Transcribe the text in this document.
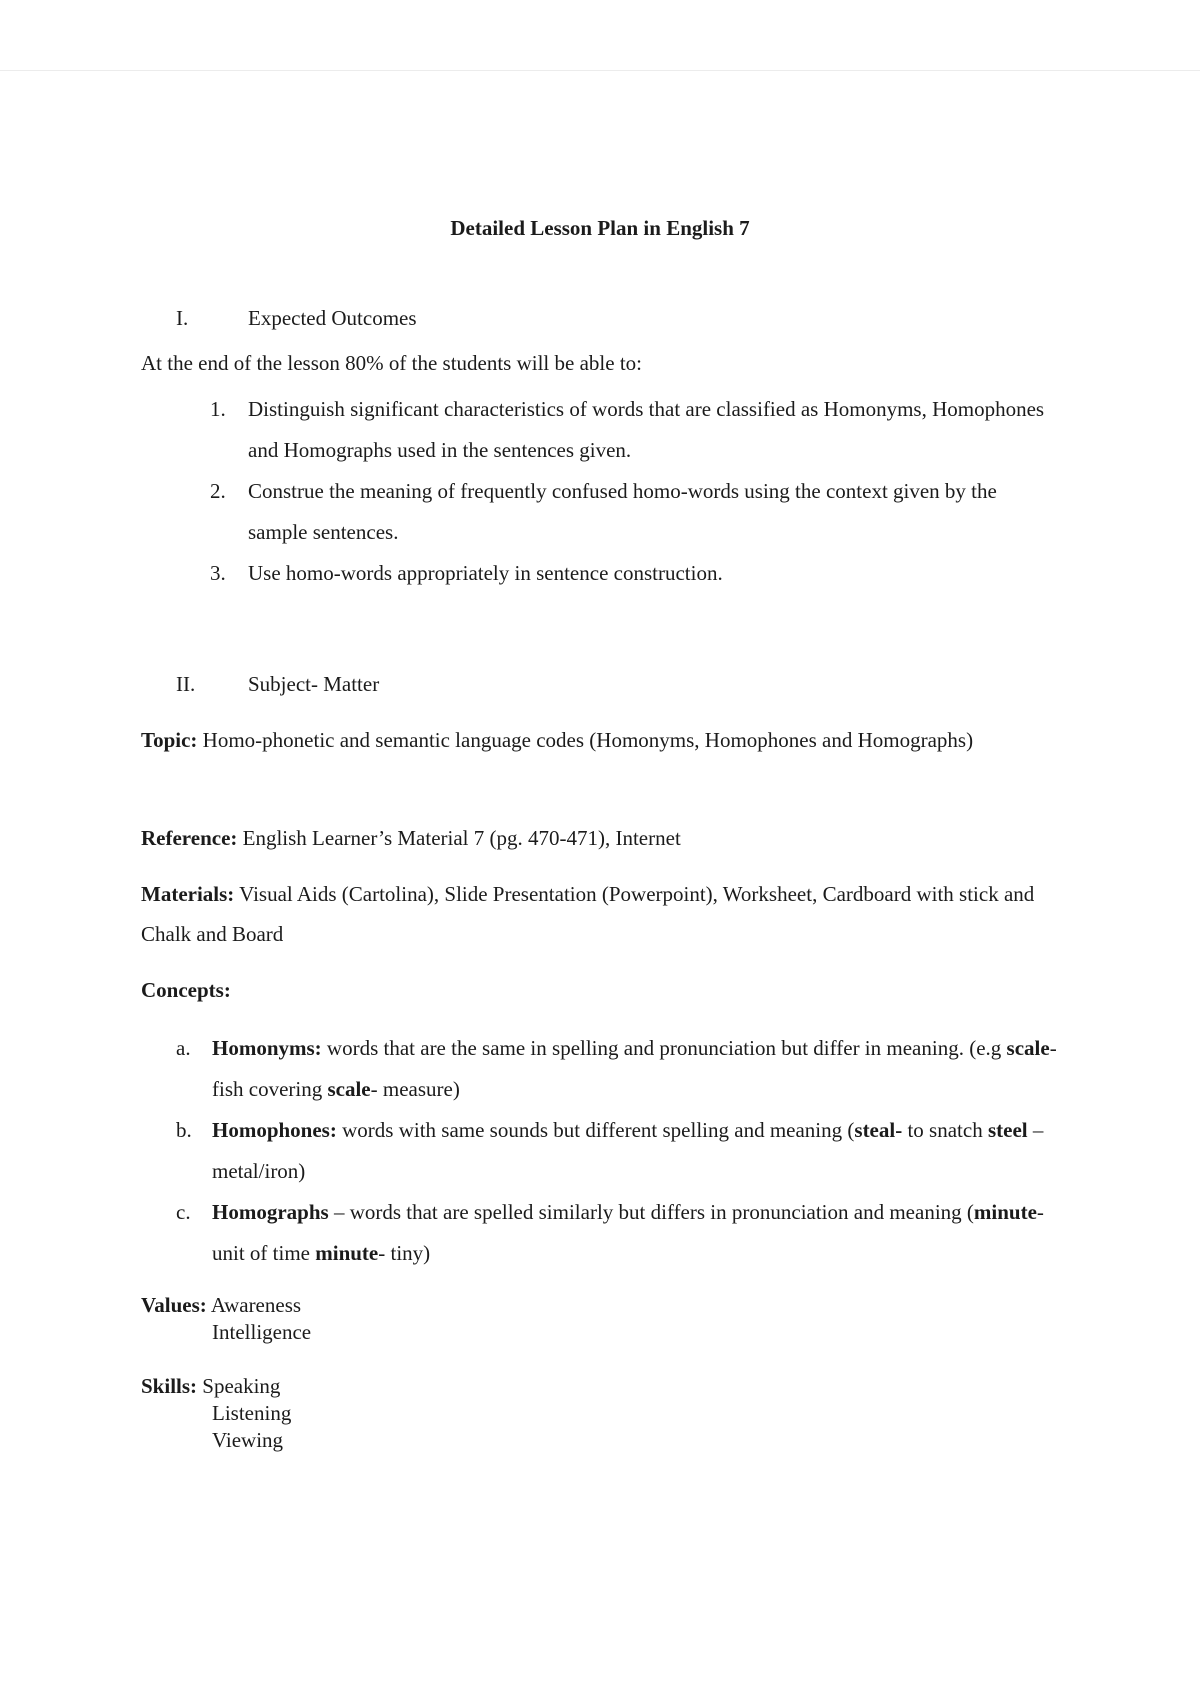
Detailed Lesson Plan in English 7
I.	Expected Outcomes
At the end of the lesson 80% of the students will be able to:
1. Distinguish significant characteristics of words that are classified as Homonyms, Homophones and Homographs used in the sentences given.
2. Construe the meaning of frequently confused homo-words using the context given by the sample sentences.
3. Use homo-words appropriately in sentence construction.
II.	Subject- Matter
Topic: Homo-phonetic and semantic language codes (Homonyms, Homophones and Homographs)
Reference: English Learner’s Material 7 (pg. 470-471), Internet
Materials: Visual Aids (Cartolina), Slide Presentation (Powerpoint), Worksheet, Cardboard with stick and Chalk and Board
Concepts:
a. Homonyms: words that are the same in spelling and pronunciation but differ in meaning. (e.g scale- fish covering scale- measure)
b. Homophones: words with same sounds but different spelling and meaning (steal- to snatch steel – metal/iron)
c. Homographs – words that are spelled similarly but differs in pronunciation and meaning (minute- unit of time minute- tiny)
Values: Awareness
Intelligence
Skills: Speaking
Listening
Viewing
